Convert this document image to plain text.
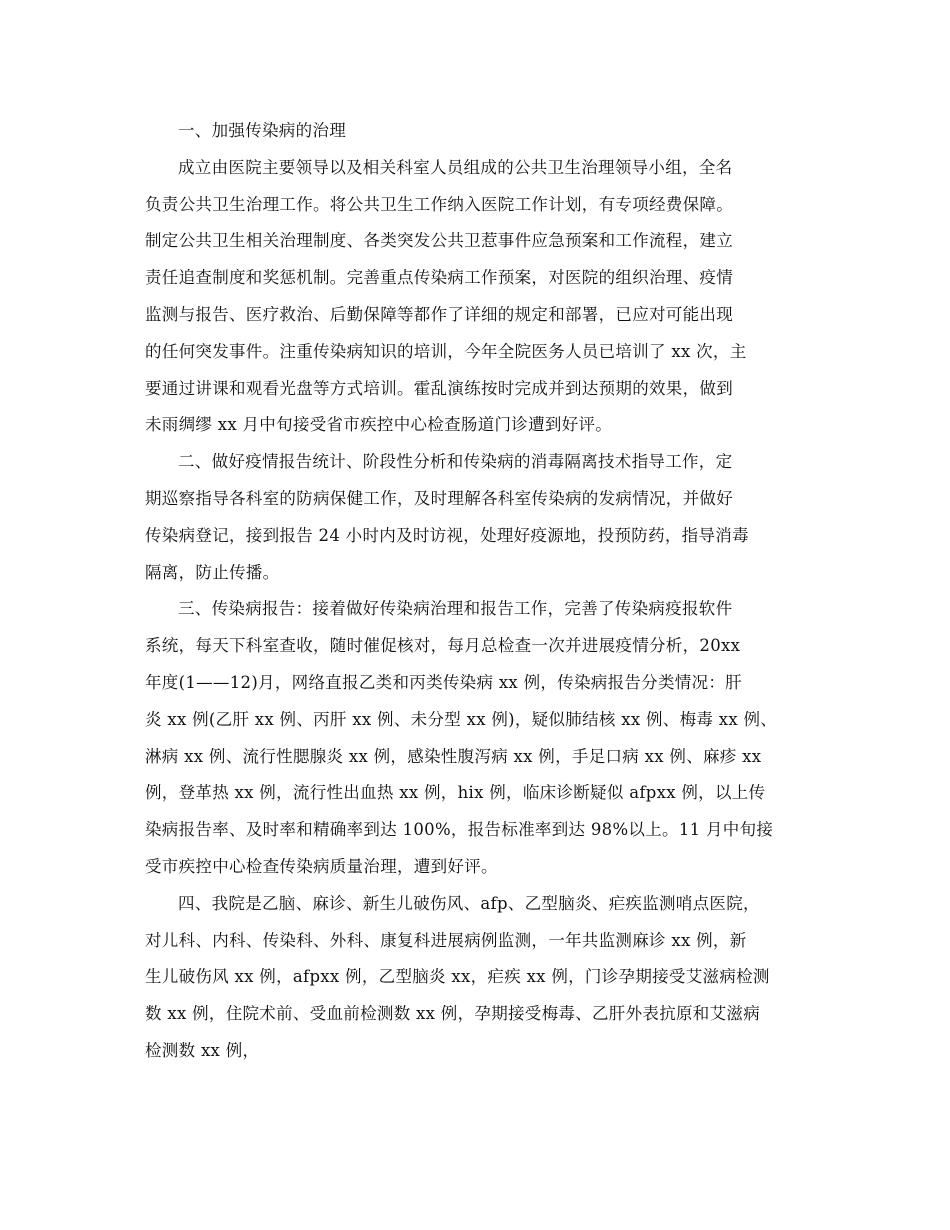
一、加强传染病的治理
成立由医院主要领导以及相关科室人员组成的公共卫生治理领导小组，全名
负责公共卫生治理工作。将公共卫生工作纳入医院工作计划，有专项经费保障。
制定公共卫生相关治理制度、各类突发公共卫惹事件应急预案和工作流程，建立
责任追查制度和奖惩机制。完善重点传染病工作预案，对医院的组织治理、疫情
监测与报告、医疗救治、后勤保障等都作了详细的规定和部署，已应对可能出现
的任何突发事件。注重传染病知识的培训，今年全院医务人员已培训了 xx 次，主
要通过讲课和观看光盘等方式培训。霍乱演练按时完成并到达预期的效果，做到
未雨绸缪 xx 月中旬接受省市疾控中心检查肠道门诊遭到好评。
二、做好疫情报告统计、阶段性分析和传染病的消毒隔离技术指导工作，定
期巡察指导各科室的防病保健工作，及时理解各科室传染病的发病情况，并做好
传染病登记，接到报告 24 小时内及时访视，处理好疫源地，投预防药，指导消毒
隔离，防止传播。
三、传染病报告：接着做好传染病治理和报告工作，完善了传染病疫报软件
系统，每天下科室查收，随时催促核对，每月总检查一次并进展疫情分析，20xx
年度(1——12)月，网络直报乙类和丙类传染病 xx 例，传染病报告分类情况：肝
炎 xx 例(乙肝 xx 例、丙肝 xx 例、未分型 xx 例)，疑似肺结核 xx 例、梅毒 xx 例、
淋病 xx 例、流行性腮腺炎 xx 例，感染性腹泻病 xx 例，手足口病 xx 例、麻疹 xx
例，登革热 xx 例，流行性出血热 xx 例，hix 例，临床诊断疑似 afpxx 例，以上传
染病报告率、及时率和精确率到达 100%，报告标准率到达 98%以上。11 月中旬接
受市疾控中心检查传染病质量治理，遭到好评。
四、我院是乙脑、麻诊、新生儿破伤风、afp、乙型脑炎、疟疾监测哨点医院，
对儿科、内科、传染科、外科、康复科进展病例监测，一年共监测麻诊 xx 例，新
生儿破伤风 xx 例，afpxx 例，乙型脑炎 xx，疟疾 xx 例，门诊孕期接受艾滋病检测
数 xx 例，住院术前、受血前检测数 xx 例，孕期接受梅毒、乙肝外表抗原和艾滋病
检测数 xx 例，
